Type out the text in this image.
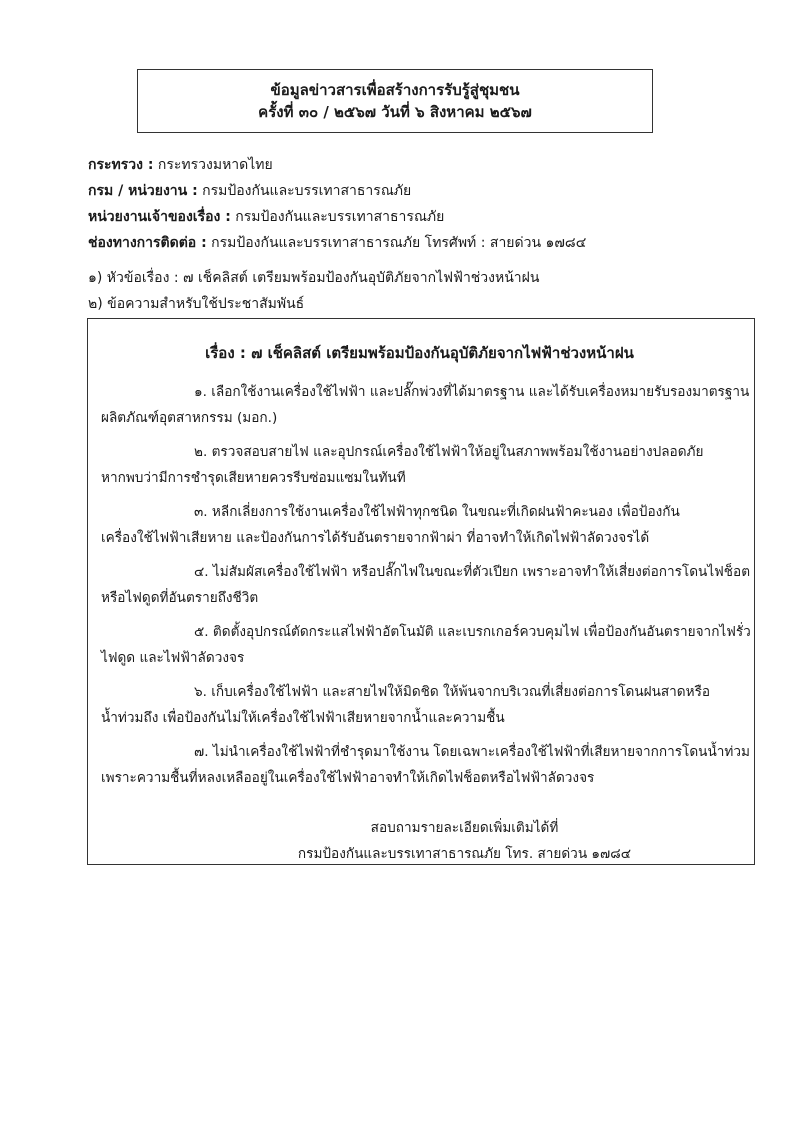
ข้อมูลข่าวสารเพื่อสร้างการรับรู้สู่ชุมชน
ครั้งที่ ๓๐ / ๒๕๖๗ วันที่ ๖ สิงหาคม ๒๕๖๗
กระทรวง : กระทรวงมหาดไทย
กรม / หน่วยงาน : กรมป้องกันและบรรเทาสาธารณภัย
หน่วยงานเจ้าของเรื่อง : กรมป้องกันและบรรเทาสาธารณภัย
ช่องทางการติดต่อ : กรมป้องกันและบรรเทาสาธารณภัย โทรศัพท์ : สายด่วน ๑๗๘๔
๑) หัวข้อเรื่อง : ๗ เช็คลิสต์ เตรียมพร้อมป้องกันอุบัติภัยจากไฟฟ้าช่วงหน้าฝน
๒) ข้อความสำหรับใช้ประชาสัมพันธ์
เรื่อง : ๗ เช็คลิสต์ เตรียมพร้อมป้องกันอุบัติภัยจากไฟฟ้าช่วงหน้าฝน
๑. เลือกใช้งานเครื่องใช้ไฟฟ้า และปลั๊กพ่วงที่ได้มาตรฐาน และได้รับเครื่องหมายรับรองมาตรฐาน
ผลิตภัณฑ์อุตสาหกรรม (มอก.)
๒. ตรวจสอบสายไฟ และอุปกรณ์เครื่องใช้ไฟฟ้าให้อยู่ในสภาพพร้อมใช้งานอย่างปลอดภัย
หากพบว่ามีการชำรุดเสียหายควรรีบซ่อมแซมในทันที
๓. หลีกเลี่ยงการใช้งานเครื่องใช้ไฟฟ้าทุกชนิด ในขณะที่เกิดฝนฟ้าคะนอง เพื่อป้องกัน
เครื่องใช้ไฟฟ้าเสียหาย และป้องกันการได้รับอันตรายจากฟ้าผ่า ที่อาจทำให้เกิดไฟฟ้าลัดวงจรได้
๔. ไม่สัมผัสเครื่องใช้ไฟฟ้า หรือปลั๊กไฟในขณะที่ตัวเปียก เพราะอาจทำให้เสี่ยงต่อการโดนไฟช็อต
หรือไฟดูดที่อันตรายถึงชีวิต
๕. ติดตั้งอุปกรณ์ตัดกระแสไฟฟ้าอัตโนมัติ และเบรกเกอร์ควบคุมไฟ เพื่อป้องกันอันตรายจากไฟรั่ว
ไฟดูด และไฟฟ้าลัดวงจร
๖. เก็บเครื่องใช้ไฟฟ้า และสายไฟให้มิดชิด ให้พ้นจากบริเวณที่เสี่ยงต่อการโดนฝนสาดหรือ
น้ำท่วมถึง เพื่อป้องกันไม่ให้เครื่องใช้ไฟฟ้าเสียหายจากน้ำและความชื้น
๗. ไม่นำเครื่องใช้ไฟฟ้าที่ชำรุดมาใช้งาน โดยเฉพาะเครื่องใช้ไฟฟ้าที่เสียหายจากการโดนน้ำท่วม
เพราะความชื้นที่หลงเหลืออยู่ในเครื่องใช้ไฟฟ้าอาจทำให้เกิดไฟช็อตหรือไฟฟ้าลัดวงจร
สอบถามรายละเอียดเพิ่มเติมได้ที่
กรมป้องกันและบรรเทาสาธารณภัย โทร. สายด่วน ๑๗๘๔
